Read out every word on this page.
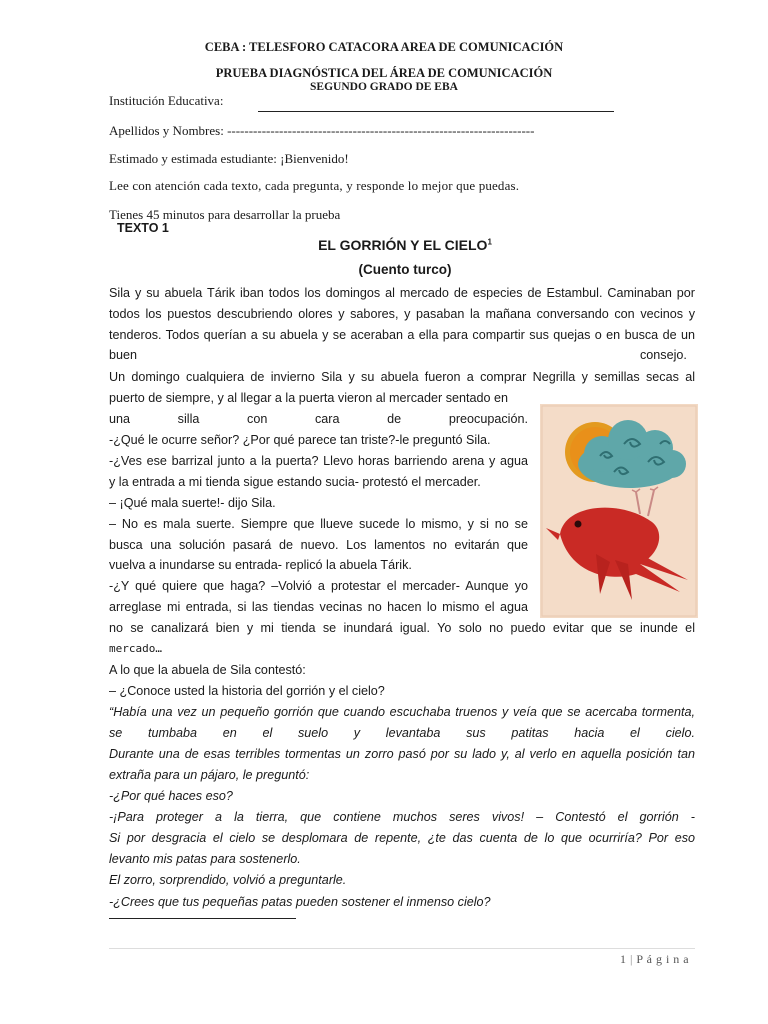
CEBA : TELESFORO CATACORA AREA DE COMUNICACIÓN
PRUEBA DIAGNÓSTICA DEL ÁREA DE COMUNICACIÓN
SEGUNDO GRADO DE EBA
Institución Educativa:
Apellidos y Nombres: -----------------------------------------------------------------------
Estimado y estimada estudiante: ¡Bienvenido!
Lee con atención cada texto, cada pregunta, y responde lo mejor que puedas.
Tienes 45 minutos para desarrollar la prueba
TEXTO 1
EL GORRIÓN Y EL CIELO$^1$
(Cuento turco)
Sila y su abuela Tárik iban todos los domingos al mercado de especies de Estambul. Caminaban por
todos los puestos descubriendo olores y sabores, y pasaban la mañana conversando con vecinos y
tenderos. Todos querían a su abuela y se aceraban a ella para compartir sus quejas o en busca de un
buen	consejo.
Un domingo cualquiera de invierno Sila y su abuela fueron a comprar Negrilla y semillas secas al
puerto de siempre, y al llegar a la puerta vieron al mercader sentado en
una	silla	con	cara	de	preocupación.
-¿Qué le ocurre señor? ¿Por qué parece tan triste?-le preguntó Sila.
-¿Ves ese barrizal junto a la puerta? Llevo horas barriendo arena y agua
y la entrada a mi tienda sigue estando sucia- protestó el mercader.
– ¡Qué mala suerte!- dijo Sila.
– No es mala suerte. Siempre que llueve sucede lo mismo, y si no se
busca una solución pasará de nuevo. Los lamentos no evitarán que
vuelva a inundarse su entrada- replicó la abuela Tárik.
-¿Y qué quiere que haga? –Volvió a protestar el mercader- Aunque yo
arreglase mi entrada, si las tiendas vecinas no hacen lo mismo el agua
no se canalizará bien y mi tienda se inundará igual. Yo solo no puedo evitar que se inunde el
mercado…
A lo que la abuela de Sila contestó:
– ¿Conoce usted la historia del gorrión y el cielo?
“Había una vez un pequeño gorrión que cuando escuchaba truenos y veía que se acercaba tormenta,
se tumbaba en el suelo y levantaba sus patitas hacia el cielo.
Durante una de esas terribles tormentas un zorro pasó por su lado y, al verlo en aquella posición tan
extraña para un pájaro, le preguntó:
-¿Por qué haces eso?
-¡Para proteger a la tierra, que contiene muchos seres vivos! – Contestó el gorrión -
Si por desgracia el cielo se desplomara de repente, ¿te das cuenta de lo que ocurriría? Por eso
levanto mis patas para sostenerlo.
El zorro, sorprendido, volvió a preguntarle.
-¿Crees que tus pequeñas patas pueden sostener el inmenso cielo?
1 | P á g i n a
